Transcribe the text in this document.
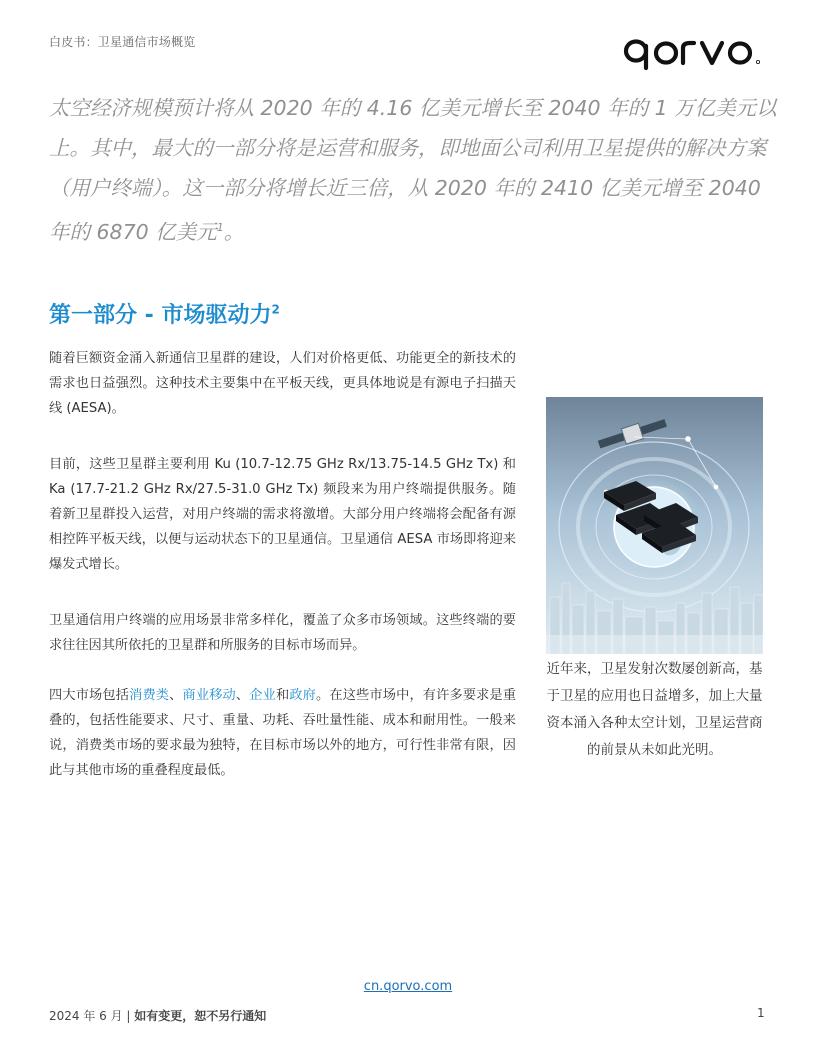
白皮书：卫星通信市场概览

太空经济规模预计将从 2020 年的 4.16 亿美元增长至 2040 年的 1 万亿美元以上。其中，最大的一部分将是运营和服务，即地面公司利用卫星提供的解决方案（用户终端）。这一部分将增长近三倍，从 2020 年的 2410 亿美元增至 2040 年的 6870 亿美元$^1$。

第一部分 - 市场驱动力$^2$

随着巨额资金涌入新通信卫星群的建设，人们对价格更低、功能更全的新技术的需求也日益强烈。这种技术主要集中在平板天线，更具体地说是有源电子扫描天线 (AESA)。

目前，这些卫星群主要利用 Ku (10.7-12.75 GHz Rx/13.75-14.5 GHz Tx) 和 Ka (17.7-21.2 GHz Rx/27.5-31.0 GHz Tx) 频段来为用户终端提供服务。随着新卫星群投入运营，对用户终端的需求将激增。大部分用户终端将会配备有源相控阵平板天线，以便与运动状态下的卫星通信。卫星通信 AESA 市场即将迎来爆发式增长。

卫星通信用户终端的应用场景非常多样化，覆盖了众多市场领域。这些终端的要求往往因其所依托的卫星群和所服务的目标市场而异。

四大市场包括消费类、商业移动、企业和政府。在这些市场中，有许多要求是重叠的，包括性能要求、尺寸、重量、功耗、吞吐量性能、成本和耐用性。一般来说，消费类市场的要求最为独特，在目标市场以外的地方，可行性非常有限，因此与其他市场的重叠程度最低。

近年来，卫星发射次数屡创新高，基于卫星的应用也日益增多，加上大量资本涌入各种太空计划，卫星运营商的前景从未如此光明。

cn.qorvo.com
2024 年 6 月 | 如有变更，恕不另行通知	1
